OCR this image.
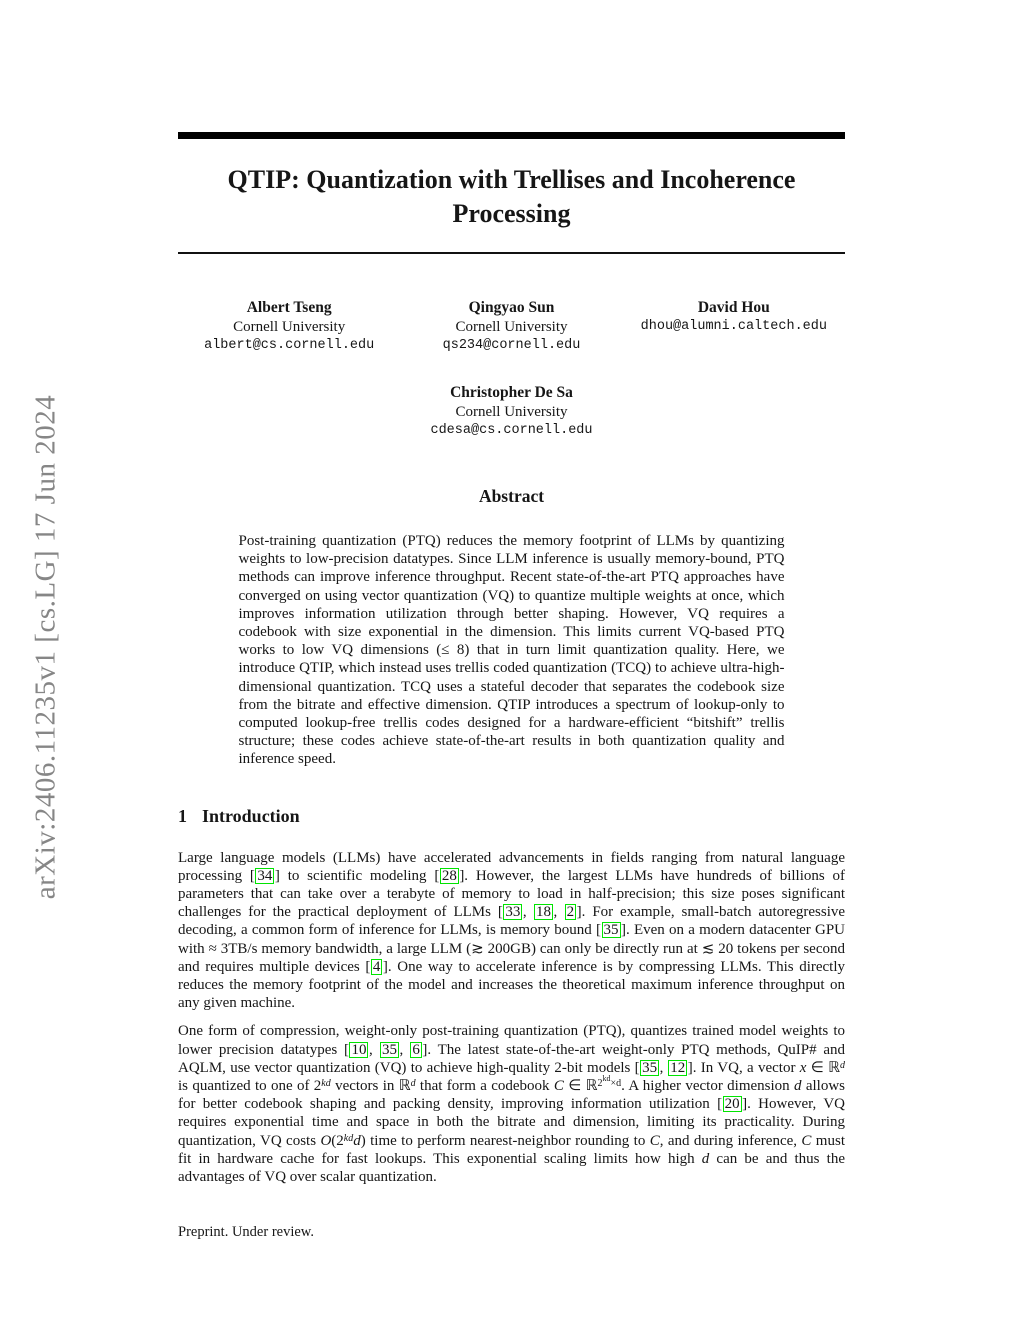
arXiv:2406.11235v1 [cs.LG] 17 Jun 2024
QTIP: Quantization with Trellises and Incoherence Processing
Albert Tseng
Cornell University
albert@cs.cornell.edu
Qingyao Sun
Cornell University
qs234@cornell.edu
David Hou
dhou@alumni.caltech.edu
Christopher De Sa
Cornell University
cdesa@cs.cornell.edu
Abstract
Post-training quantization (PTQ) reduces the memory footprint of LLMs by quantizing weights to low-precision datatypes. Since LLM inference is usually memory-bound, PTQ methods can improve inference throughput. Recent state-of-the-art PTQ approaches have converged on using vector quantization (VQ) to quantize multiple weights at once, which improves information utilization through better shaping. However, VQ requires a codebook with size exponential in the dimension. This limits current VQ-based PTQ works to low VQ dimensions (≤ 8) that in turn limit quantization quality. Here, we introduce QTIP, which instead uses trellis coded quantization (TCQ) to achieve ultra-high-dimensional quantization. TCQ uses a stateful decoder that separates the codebook size from the bitrate and effective dimension. QTIP introduces a spectrum of lookup-only to computed lookup-free trellis codes designed for a hardware-efficient “bitshift” trellis structure; these codes achieve state-of-the-art results in both quantization quality and inference speed.
1 Introduction

Large language models (LLMs) have accelerated advancements in fields ranging from natural language processing [ 34 ] to scientific modeling [ 28 ]. However, the largest LLMs have hundreds of billions of parameters that can take over a terabyte of memory to load in half-precision; this size poses significant challenges for the practical deployment of LLMs [ 33 , 18 , 2 ]. For example, small-batch autoregressive decoding, a common form of inference for LLMs, is memory bound [ 35 ]. Even on a modern datacenter GPU with ≈ 3TB/s memory bandwidth, a large LLM (≳ 200GB) can only be directly run at ≲ 20 tokens per second and requires multiple devices [ 4 ]. One way to accelerate inference is by compressing LLMs. This directly reduces the memory footprint of the model and increases the theoretical maximum inference throughput on any given machine.

One form of compression, weight-only post-training quantization (PTQ), quantizes trained model weights to lower precision datatypes [ 10 , 35 , 6 ]. The latest state-of-the-art weight-only PTQ methods, QuIP# and AQLM, use vector quantization (VQ) to achieve high-quality 2-bit models [ 35 , 12 ]. In VQ, a vector x ∈ ℝ$^d$ is quantized to one of $2^{kd}$ vectors in ℝ$^d$ that form a codebook C ∈ ℝ$^{2kd\times d}$. A higher vector dimension d allows for better codebook shaping and packing density, improving information utilization [ 20 ]. However, VQ requires exponential time and space in both the bitrate and dimension, limiting its practicality. During quantization, VQ costs $O(2^{kd}d)$ time to perform nearest-neighbor rounding to C, and during inference, C must fit in hardware cache for fast lookups. This exponential scaling limits how high d can be and thus the advantages of VQ over scalar quantization.

Preprint. Under review.
